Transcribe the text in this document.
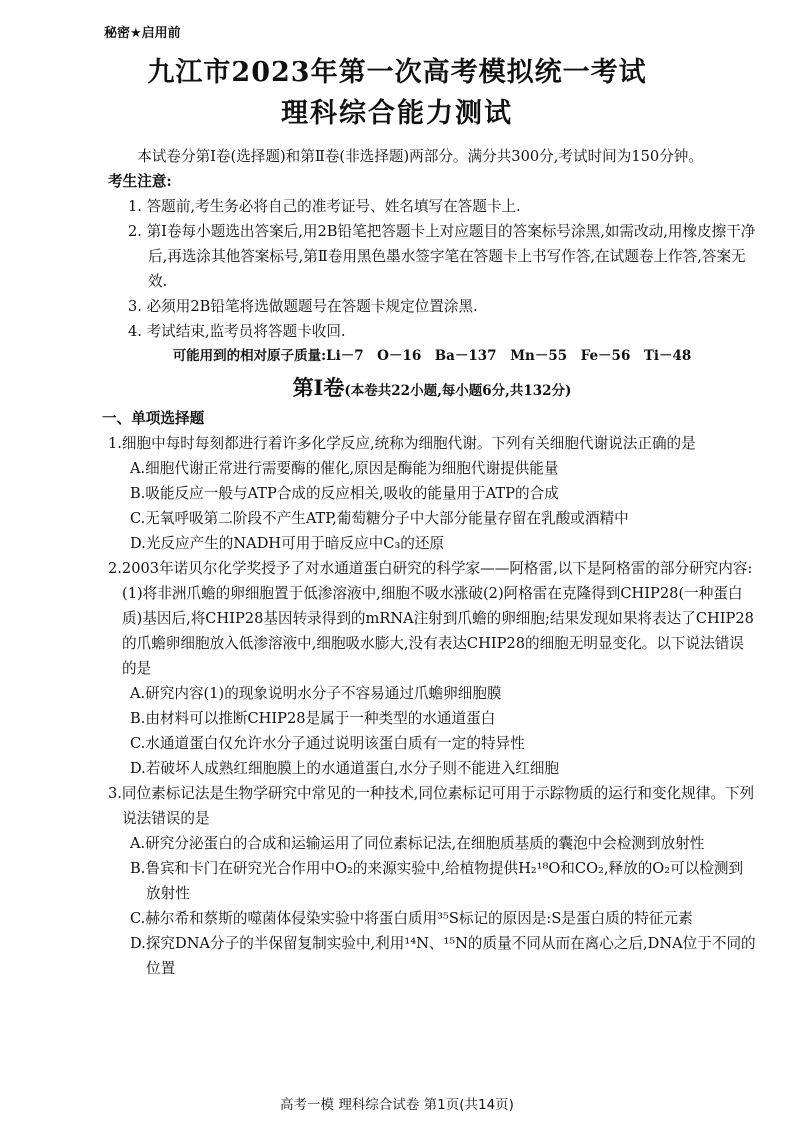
秘密★启用前
九江市2023年第一次高考模拟统一考试
理科综合能力测试

本试卷分第Ⅰ卷(选择题)和第Ⅱ卷(非选择题)两部分。满分共300分,考试时间为150分钟。

考生注意:

1. 答题前,考生务必将自己的准考证号、姓名填写在答题卡上.

2. 第Ⅰ卷每小题选出答案后,用2B铅笔把答题卡上对应题目的答案标号涂黑,如需改动,用橡皮擦干净后,再选涂其他答案标号,第Ⅱ卷用黑色墨水签字笔在答题卡上书写作答,在试题卷上作答,答案无效.

3. 必须用2B铅笔将选做题题号在答题卡规定位置涂黑.

4. 考试结束,监考员将答题卡收回.

可能用到的相对原子质量:Li－7　O－16　Ba－137　Mn－55　Fe－56　Ti－48

第Ⅰ卷(本卷共22小题,每小题6分,共132分)

一、单项选择题

1.细胞中每时每刻都进行着许多化学反应,统称为细胞代谢。下列有关细胞代谢说法正确的是

A.细胞代谢正常进行需要酶的催化,原因是酶能为细胞代谢提供能量

B.吸能反应一般与ATP合成的反应相关,吸收的能量用于ATP的合成

C.无氧呼吸第二阶段不产生ATP,葡萄糖分子中大部分能量存留在乳酸或酒精中

D.光反应产生的NADH可用于暗反应中C₃的还原

2.2003年诺贝尔化学奖授予了对水通道蛋白研究的科学家——阿格雷,以下是阿格雷的部分研究内容:(1)将非洲爪蟾的卵细胞置于低渗溶液中,细胞不吸水涨破(2)阿格雷在克隆得到CHIP28(一种蛋白质)基因后,将CHIP28基因转录得到的mRNA注射到爪蟾的卵细胞;结果发现如果将表达了CHIP28的爪蟾卵细胞放入低渗溶液中,细胞吸水膨大,没有表达CHIP28的细胞无明显变化。以下说法错误的是

A.研究内容(1)的现象说明水分子不容易通过爪蟾卵细胞膜

B.由材料可以推断CHIP28是属于一种类型的水通道蛋白

C.水通道蛋白仅允许水分子通过说明该蛋白质有一定的特异性

D.若破坏人成熟红细胞膜上的水通道蛋白,水分子则不能进入红细胞

3.同位素标记法是生物学研究中常见的一种技术,同位素标记可用于示踪物质的运行和变化规律。下列说法错误的是

A.研究分泌蛋白的合成和运输运用了同位素标记法,在细胞质基质的囊泡中会检测到放射性

B.鲁宾和卡门在研究光合作用中O₂的来源实验中,给植物提供H₂¹⁸O和CO₂,释放的O₂可以检测到放射性

C.赫尔希和蔡斯的噬菌体侵染实验中将蛋白质用³⁵S标记的原因是:S是蛋白质的特征元素

D.探究DNA分子的半保留复制实验中,利用¹⁴N、¹⁵N的质量不同从而在离心之后,DNA位于不同的位置

高考一模 理科综合试卷 第1页(共14页)
